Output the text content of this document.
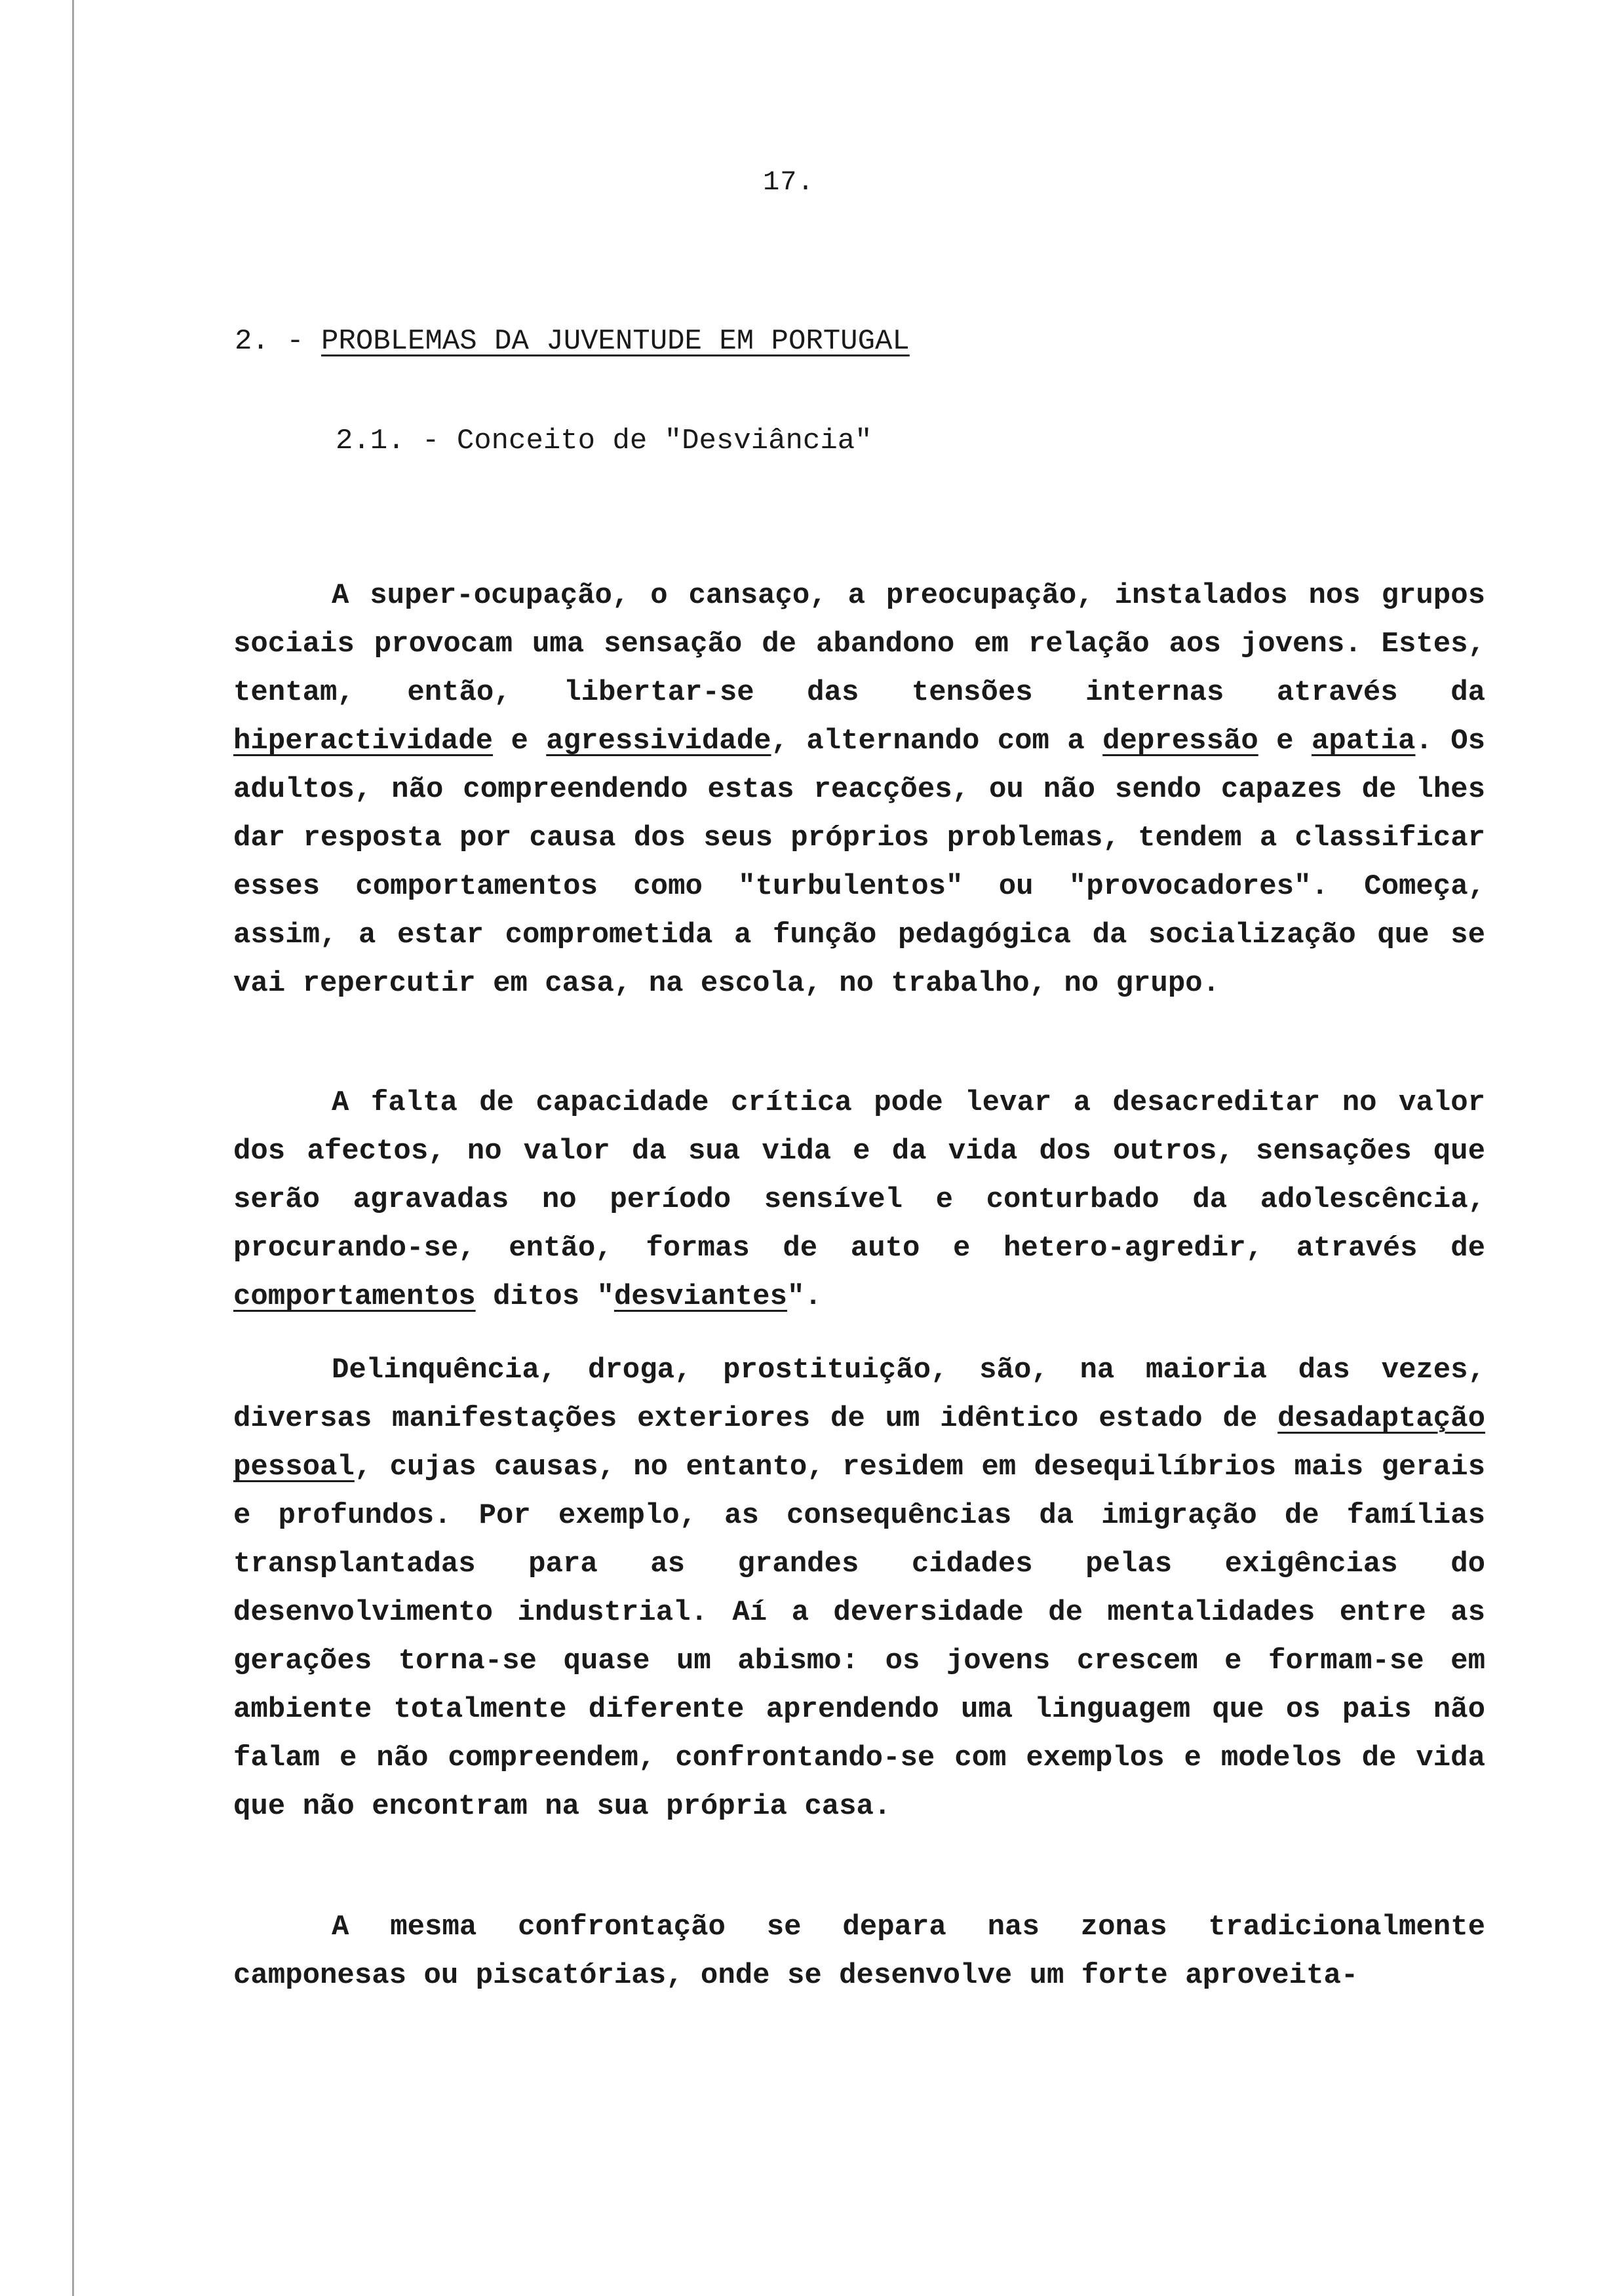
17.
2. - PROBLEMAS DA JUVENTUDE EM PORTUGAL
2.1. - Conceito de "Desviância"

A super-ocupação, o cansaço, a preocupação, instalados nos grupos sociais provocam uma sensação de abandono em relação aos jovens. Estes, tentam, então, libertar-se das tensões internas através da hiperactividade e agressividade, alternando com a depressão e apatia. Os adultos, não compreendendo estas reacções, ou não sendo capazes de lhes dar resposta por causa dos seus próprios problemas, tendem a classificar esses comportamentos como "turbulentos" ou "provocadores". Começa, assim, a estar comprometida a função pedagógica da socialização que se vai repercutir em casa, na escola, no trabalho, no grupo.

A falta de capacidade crítica pode levar a desacreditar no valor dos afectos, no valor da sua vida e da vida dos outros, sensações que serão agravadas no período sensível e conturbado da adolescência, procurando-se, então, formas de auto e hetero-agredir, através de comportamentos ditos "desviantes".

Delinquência, droga, prostituição, são, na maioria das vezes, diversas manifestações exteriores de um idêntico estado de desadaptação pessoal, cujas causas, no entanto, residem em desequilíbrios mais gerais e profundos. Por exemplo, as consequências da imigração de famílias transplantadas para as grandes cidades pelas exigências do desenvolvimento industrial. Aí a deversidade de mentalidades entre as gerações torna-se quase um abismo: os jovens crescem e formam-se em ambiente totalmente diferente aprendendo uma linguagem que os pais não falam e não compreendem, confrontando-se com exemplos e modelos de vida que não encontram na sua própria casa.

A mesma confrontação se depara nas zonas tradicionalmente camponesas ou piscatórias, onde se desenvolve um forte aproveita-
